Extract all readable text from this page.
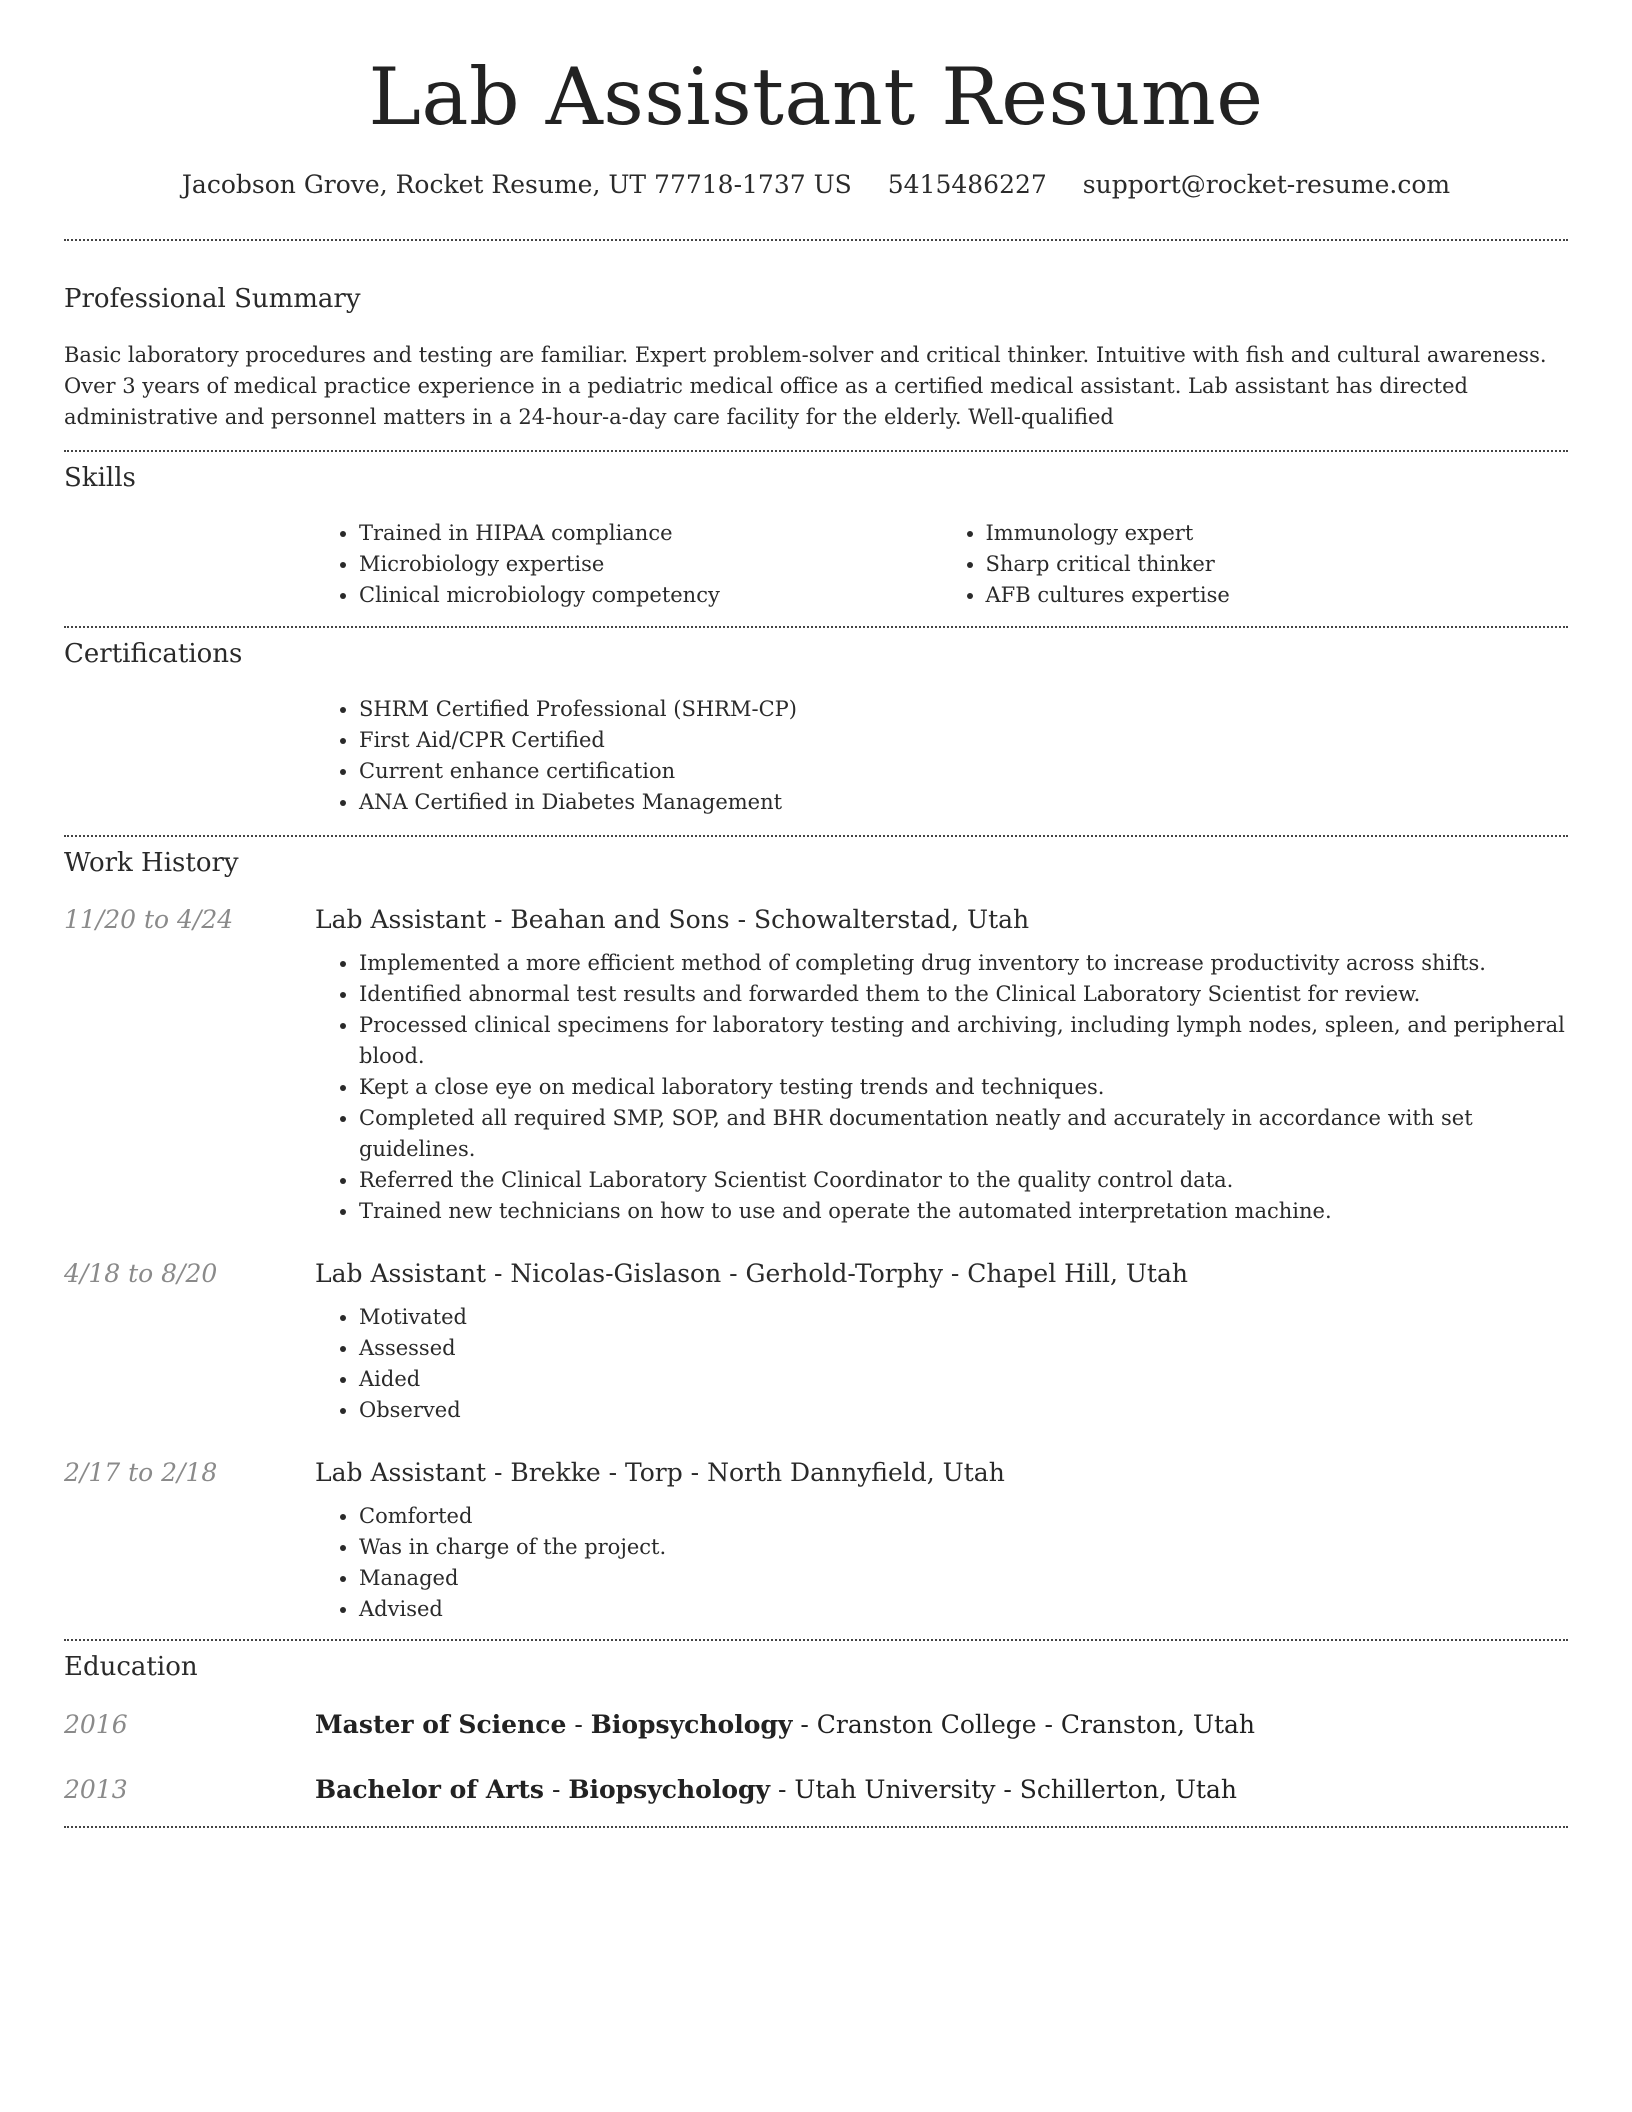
Lab Assistant Resume
Jacobson Grove, Rocket Resume, UT 77718-1737 US 5415486227 support@rocket-resume.com
Professional Summary

Basic laboratory procedures and testing are familiar. Expert problem-solver and critical thinker. Intuitive with fish and cultural awareness. Over 3 years of medical practice experience in a pediatric medical office as a certified medical assistant. Lab assistant has directed administrative and personnel matters in a 24-hour-a-day care facility for the elderly. Well-qualified

Skills
• Trained in HIPAA compliance
• Microbiology expertise
• Clinical microbiology competency
• Immunology expert
• Sharp critical thinker
• AFB cultures expertise
Certifications
• SHRM Certified Professional (SHRM-CP)
• First Aid/CPR Certified
• Current enhance certification
• ANA Certified in Diabetes Management
Work History
11/20 to 4/24	Lab Assistant - Beahan and Sons - Schowalterstad, Utah
• Implemented a more efficient method of completing drug inventory to increase productivity across shifts.
• Identified abnormal test results and forwarded them to the Clinical Laboratory Scientist for review.
• Processed clinical specimens for laboratory testing and archiving, including lymph nodes, spleen, and peripheral blood.
• Kept a close eye on medical laboratory testing trends and techniques.
• Completed all required SMP, SOP, and BHR documentation neatly and accurately in accordance with set guidelines.
• Referred the Clinical Laboratory Scientist Coordinator to the quality control data.
• Trained new technicians on how to use and operate the automated interpretation machine.
4/18 to 8/20	Lab Assistant - Nicolas-Gislason - Gerhold-Torphy - Chapel Hill, Utah
• Motivated
• Assessed
• Aided
• Observed
2/17 to 2/18	Lab Assistant - Brekke - Torp - North Dannyfield, Utah
• Comforted
• Was in charge of the project.
• Managed
• Advised
Education
2016	Master of Science - Biopsychology - Cranston College - Cranston, Utah
2013	Bachelor of Arts - Biopsychology - Utah University - Schillerton, Utah
